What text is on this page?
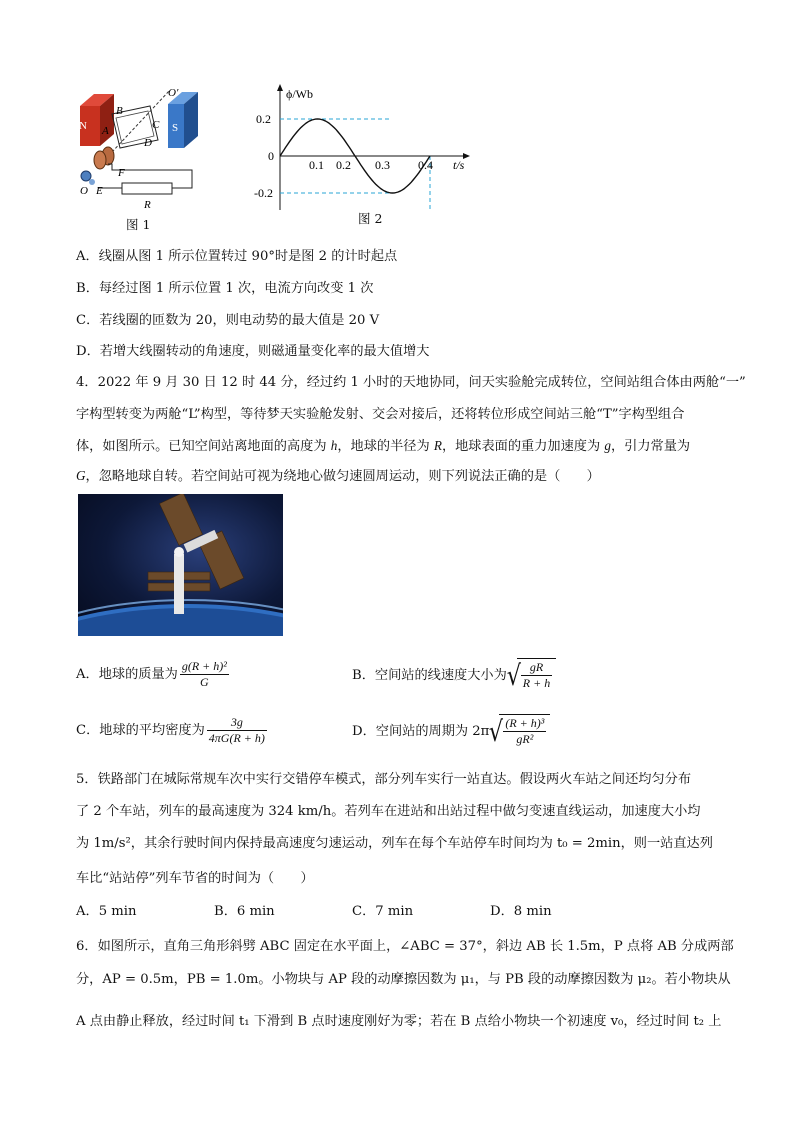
N	S
B
A	C
D
O′
F
O E
R
图 1
ϕ/Wb
t/s
0
0.2
-0.2
0.1 0.2 0.3 0.4
图 2
A．线圈从图 1 所示位置转过 90°时是图 2 的计时起点
B．每经过图 1 所示位置 1 次，电流方向改变 1 次
C．若线圈的匝数为 20，则电动势的最大值是 20 V
D．若增大线圈转动的角速度，则磁通量变化率的最大值增大
4．2022 年 9 月 30 日 12 时 44 分，经过约 1 小时的天地协同，问天实验舱完成转位，空间站组合体由两舱“一”
字构型转变为两舱“L”构型，等待梦天实验舱发射、交会对接后，还将转位形成空间站三舱“T”字构型组合
体，如图所示。已知空间站离地面的高度为 h，地球的半径为 R，地球表面的重力加速度为 g，引力常量为
G，忽略地球自转。若空间站可视为绕地心做匀速圆周运动，则下列说法正确的是（　　）
A．地球的质量为 $\frac{\text{g(R + h)²}}{G}$	B．空间站的线速度大小为 √ $\frac{gR}{R + h}$
C．地球的平均密度为 $\frac{3g}{4\pi G(R + h)}$	D．空间站的周期为 2π √ $\frac{\text{(R + h)³}}{\text{gR²}}$
5．铁路部门在城际常规车次中实行交错停车模式，部分列车实行一站直达。假设两火车站之间还均匀分布
了 2 个车站，列车的最高速度为 324 km/h。若列车在进站和出站过程中做匀变速直线运动，加速度大小均
为 1m/s²，其余行驶时间内保持最高速度匀速运动，列车在每个车站停车时间均为 t₀ = 2min，则一站直达列
车比“站站停”列车节省的时间为（　　）
A．5 min	B．6 min	C．7 min	D．8 min
6．如图所示，直角三角形斜劈 ABC 固定在水平面上，∠ABC = 37°，斜边 AB 长 1.5m，P 点将 AB 分成两部
分，AP = 0.5m，PB = 1.0m。小物块与 AP 段的动摩擦因数为 μ₁，与 PB 段的动摩擦因数为 μ₂。若小物块从
A 点由静止释放，经过时间 t₁ 下滑到 B 点时速度刚好为零；若在 B 点给小物块一个初速度 v₀，经过时间 t₂ 上
